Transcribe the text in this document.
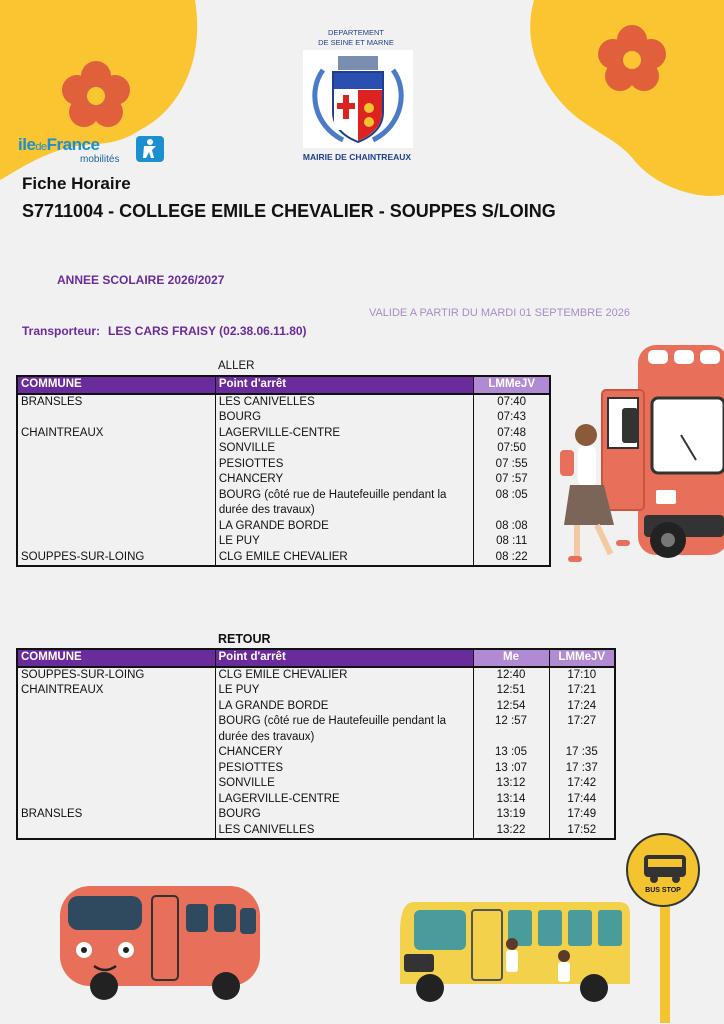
iledeFrance
mobilités
DEPARTEMENT
DE SEINE ET MARNE
MAIRIE DE CHAINTREAUX
Fiche Horaire
S7711004 - COLLEGE EMILE CHEVALIER - SOUPPES S/LOING
ANNEE SCOLAIRE 2026/2027
VALIDE A PARTIR DU MARDI 01 SEPTEMBRE 2026
Transporteur: LES CARS FRAISY (02.38.06.11.80)
ALLER
COMMUNE	Point d'arrêt	LMMeJV
BRANSLES	LES CANIVELLES	07:40
	BOURG	07:43
CHAINTREAUX	LAGERVILLE-CENTRE	07:48
	SONVILLE	07:50
	PESIOTTES	07 :55
	CHANCERY	07 :57
	BOURG (côté rue de Hautefeuille pendant la durée des travaux)	08 :05
	LA GRANDE BORDE	08 :08
	LE PUY	08 :11
SOUPPES-SUR-LOING	CLG EMILE CHEVALIER	08 :22
RETOUR
COMMUNE	Point d'arrêt	Me	LMMeJV
SOUPPES-SUR-LOING	CLG EMILE CHEVALIER	12:40	17:10
CHAINTREAUX	LE PUY	12:51	17:21
	LA GRANDE BORDE	12:54	17:24
	BOURG (côté rue de Hautefeuille pendant la durée des travaux)	12 :57	17:27
	CHANCERY	13 :05	17 :35
	PESIOTTES	13 :07	17 :37
	SONVILLE	13:12	17:42
	LAGERVILLE-CENTRE	13:14	17:44
BRANSLES	BOURG	13:19	17:49
	LES CANIVELLES	13:22	17:52
BUS STOP
